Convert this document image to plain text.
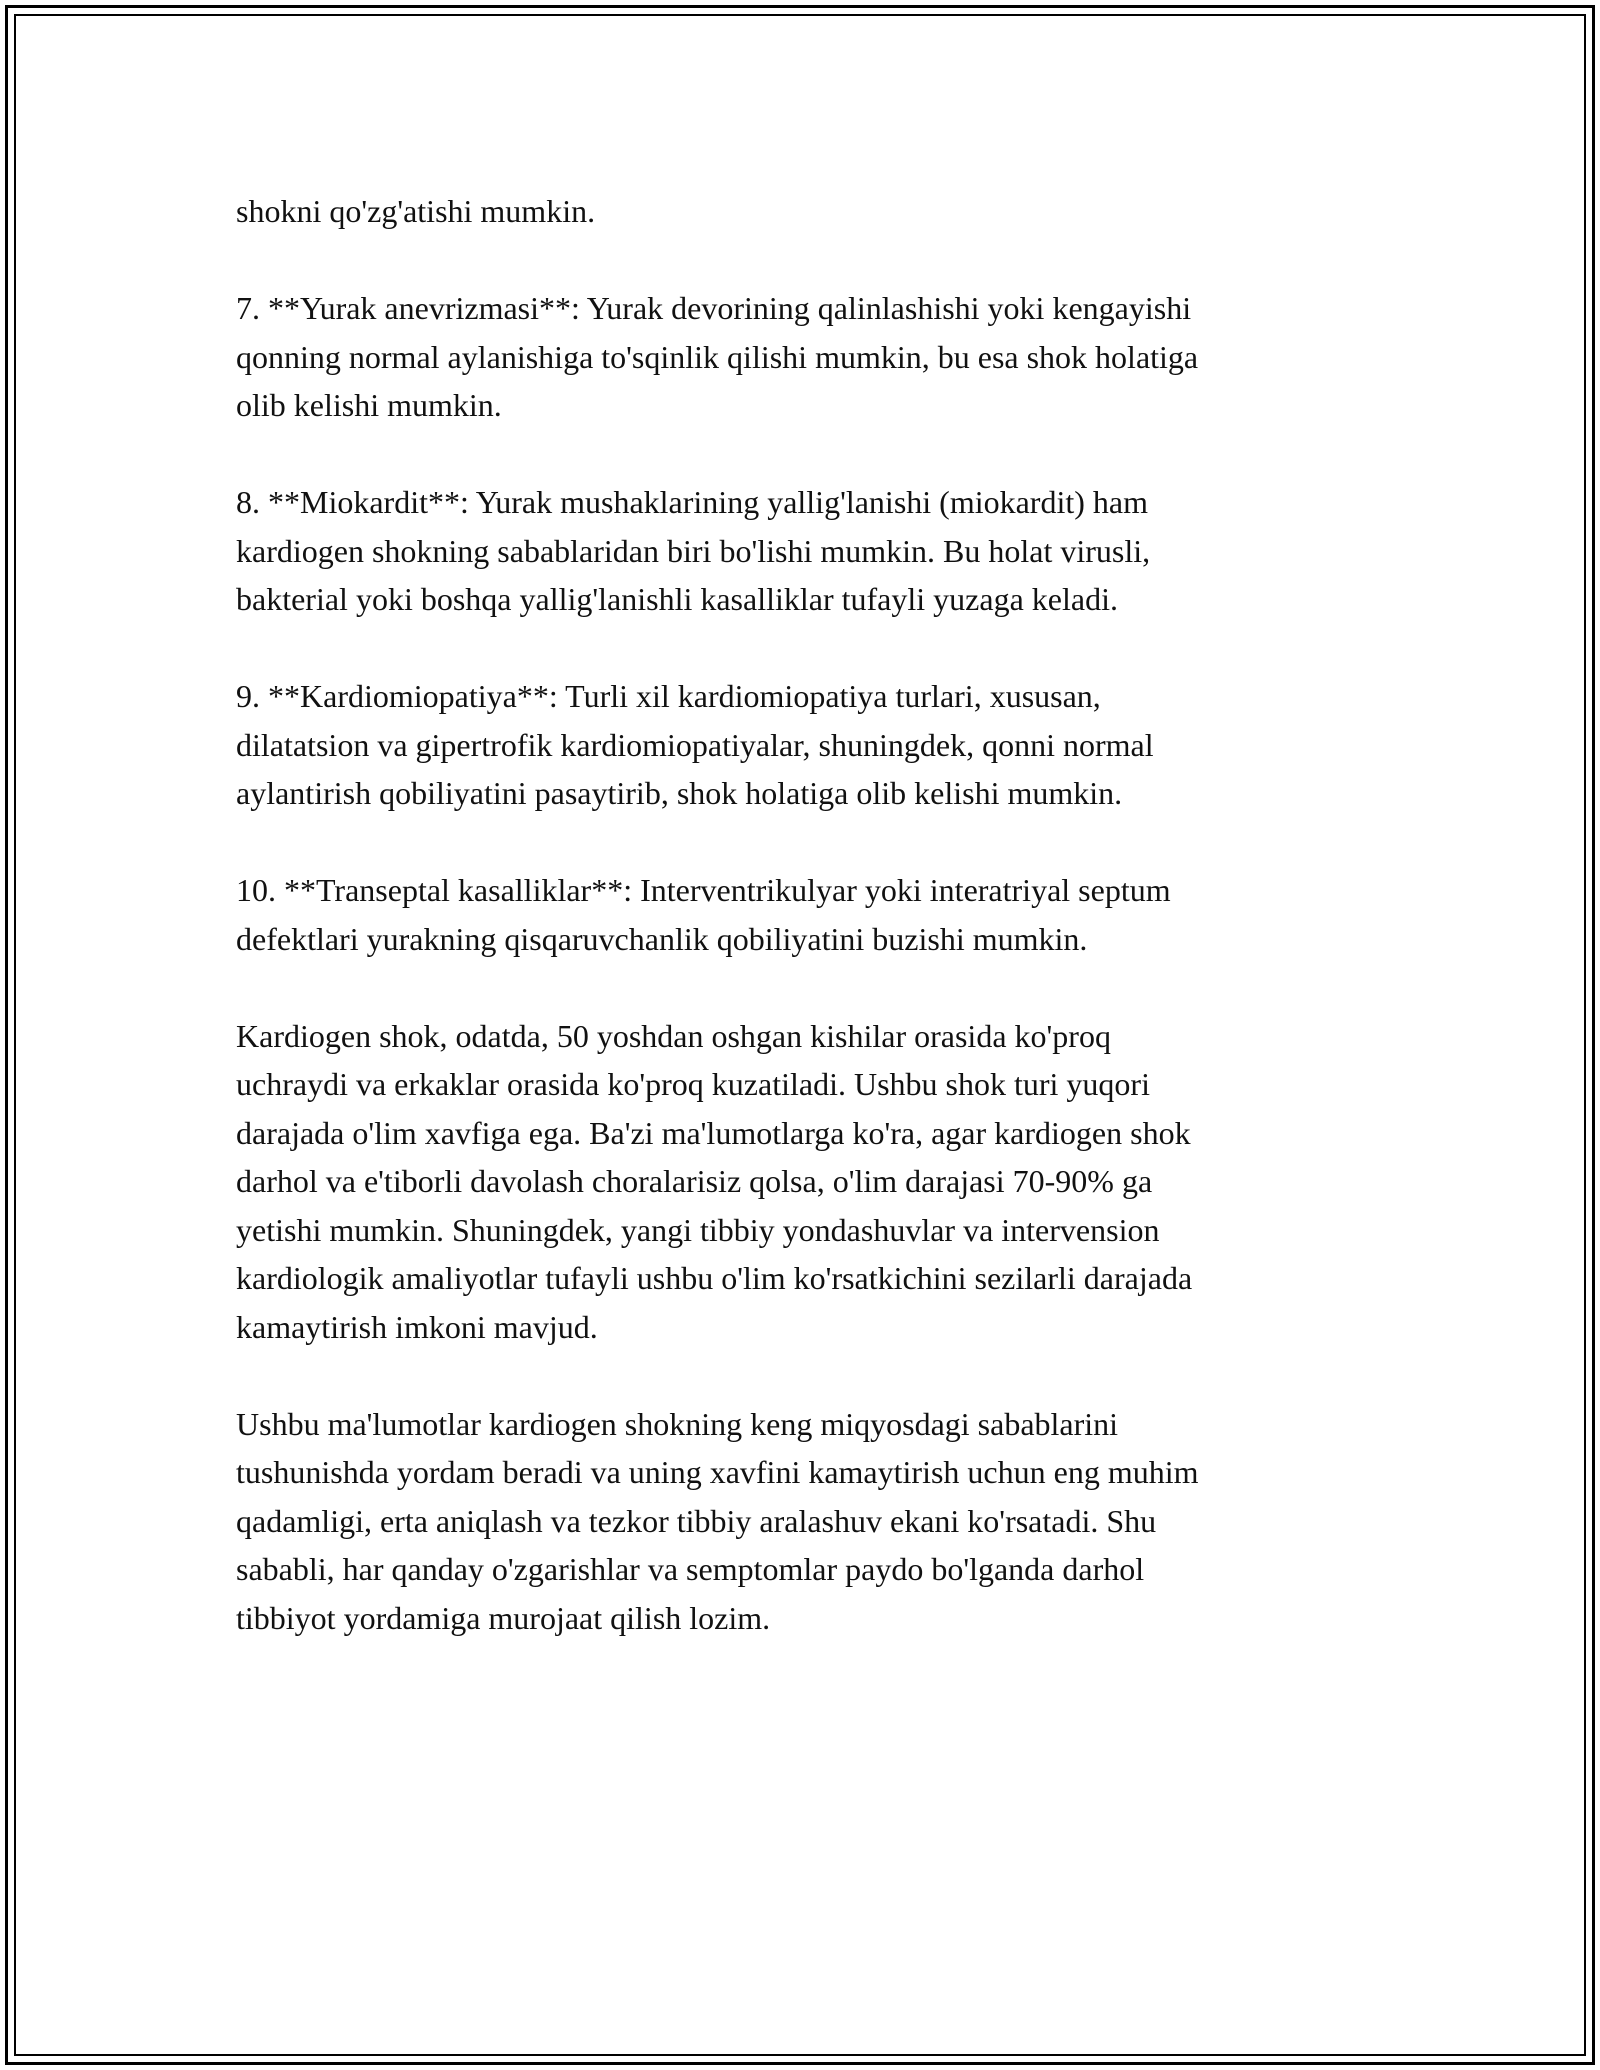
shokni qo'zg'atishi mumkin.

7. **Yurak anevrizmasi**: Yurak devorining qalinlashishi yoki kengayishi
qonning normal aylanishiga to'sqinlik qilishi mumkin, bu esa shok holatiga
olib kelishi mumkin.

8. **Miokardit**: Yurak mushaklarining yallig'lanishi (miokardit) ham
kardiogen shokning sabablaridan biri bo'lishi mumkin. Bu holat virusli,
bakterial yoki boshqa yallig'lanishli kasalliklar tufayli yuzaga keladi.

9. **Kardiomiopatiya**: Turli xil kardiomiopatiya turlari, xususan,
dilatatsion va gipertrofik kardiomiopatiyalar, shuningdek, qonni normal
aylantirish qobiliyatini pasaytirib, shok holatiga olib kelishi mumkin.

10. **Transeptal kasalliklar**: Interventrikulyar yoki interatriyal septum
defektlari yurakning qisqaruvchanlik qobiliyatini buzishi mumkin.

Kardiogen shok, odatda, 50 yoshdan oshgan kishilar orasida ko'proq
uchraydi va erkaklar orasida ko'proq kuzatiladi. Ushbu shok turi yuqori
darajada o'lim xavfiga ega. Ba'zi ma'lumotlarga ko'ra, agar kardiogen shok
darhol va e'tiborli davolash choralarisiz qolsa, o'lim darajasi 70-90% ga
yetishi mumkin. Shuningdek, yangi tibbiy yondashuvlar va intervension
kardiologik amaliyotlar tufayli ushbu o'lim ko'rsatkichini sezilarli darajada
kamaytirish imkoni mavjud.

Ushbu ma'lumotlar kardiogen shokning keng miqyosdagi sabablarini
tushunishda yordam beradi va uning xavfini kamaytirish uchun eng muhim
qadamligi, erta aniqlash va tezkor tibbiy aralashuv ekani ko'rsatadi. Shu
sababli, har qanday o'zgarishlar va semptomlar paydo bo'lganda darhol
tibbiyot yordamiga murojaat qilish lozim.
